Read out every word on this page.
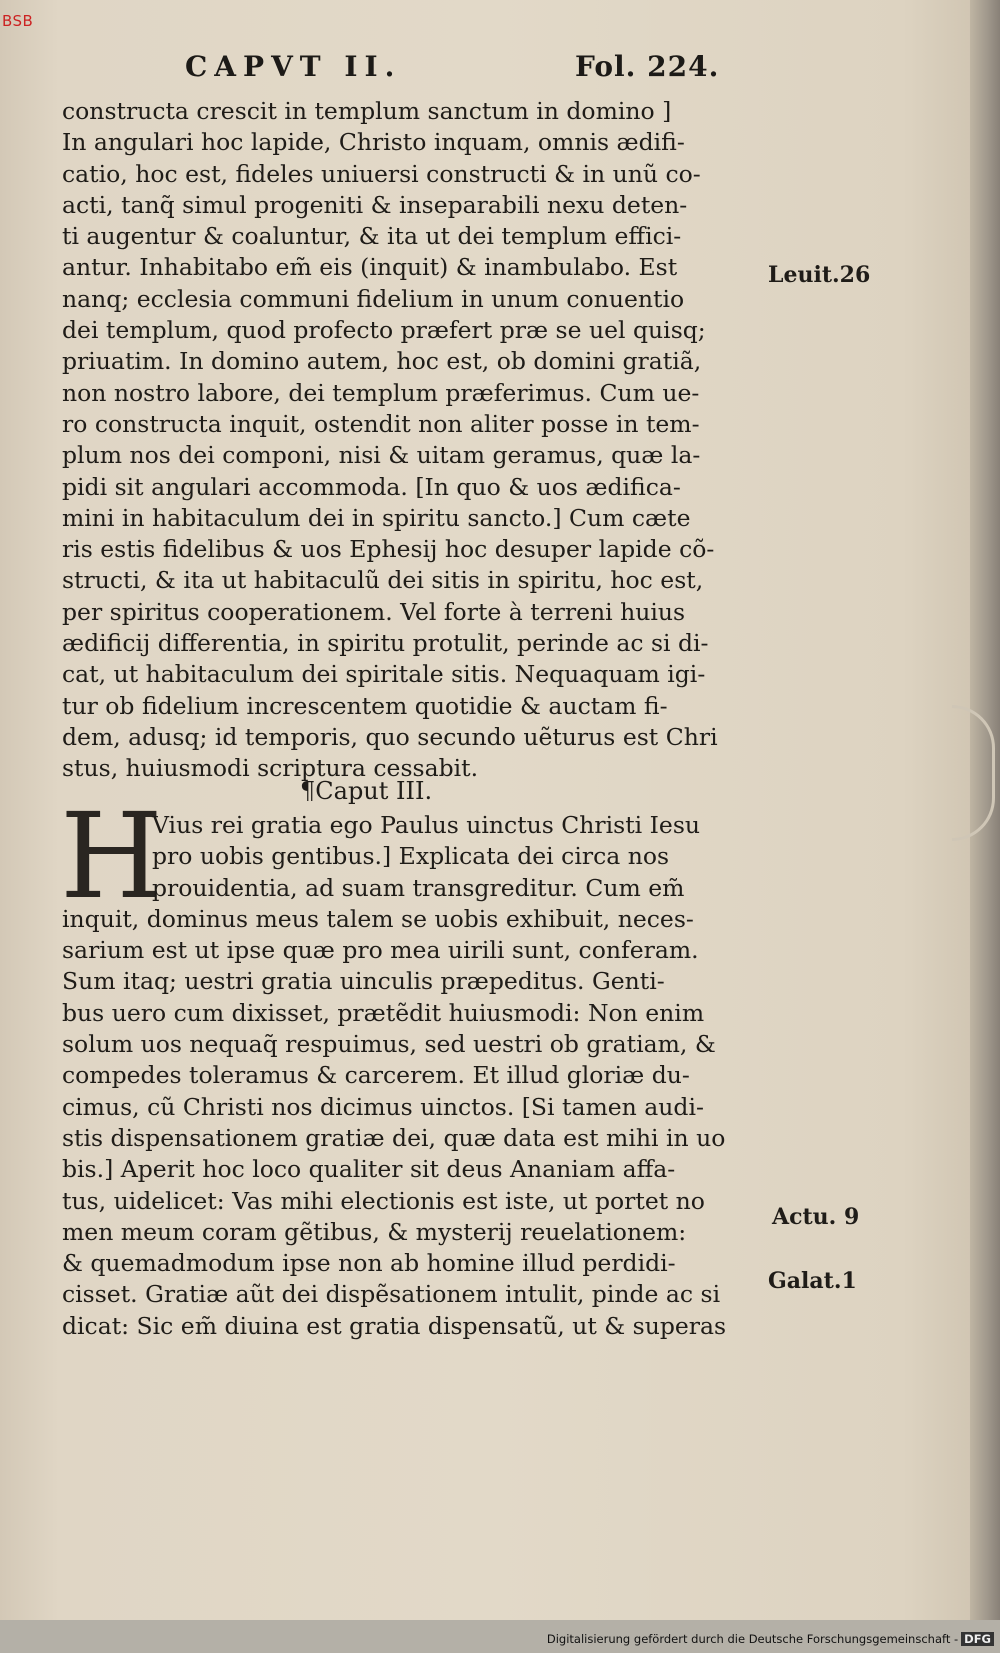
BSB
CAPVT II.	Fol. 224.
constructa crescit in templum sanctum in domino ]
In angulari hoc lapide, Christo inquam, omnis ædifi-
catio, hoc est, fideles uniuersi constructi & in unũ co-
acti, tanq̃ simul progeniti & inseparabili nexu deten-
ti augentur & coaluntur, & ita ut dei templum effici-
antur. Inhabitabo em̃ eis (inquit) & inambulabo. Est
nanq; ecclesia communi fidelium in unum conuentio
dei templum, quod profecto præfert præ se uel quisq;
priuatim. In domino autem, hoc est, ob domini gratiã,
non nostro labore, dei templum præferimus. Cum ue-
ro constructa inquit, ostendit non aliter posse in tem-
plum nos dei componi, nisi & uitam geramus, quæ la-
pidi sit angulari accommoda. [In quo & uos ædifica-
mini in habitaculum dei in spiritu sancto.] Cum cæte
ris estis fidelibus & uos Ephesij hoc desuper lapide cõ-
structi, & ita ut habitaculũ dei sitis in spiritu, hoc est,
per spiritus cooperationem. Vel forte à terreni huius
ædificij differentia, in spiritu protulit, perinde ac si di-
cat, ut habitaculum dei spiritale sitis. Nequaquam igi-
tur ob fidelium increscentem quotidie & auctam fi-
dem, adusq; id temporis, quo secundo uẽturus est Chri
stus, huiusmodi scriptura cessabit.
¶Caput III.
H
Vius rei gratia ego Paulus uinctus Christi Iesu
pro uobis gentibus.] Explicata dei circa nos
prouidentia, ad suam transgreditur. Cum em̃
inquit, dominus meus talem se uobis exhibuit, neces-
sarium est ut ipse quæ pro mea uirili sunt, conferam.
Sum itaq; uestri gratia uinculis præpeditus. Genti-
bus uero cum dixisset, prætẽdit huiusmodi: Non enim
solum uos nequaq̃ respuimus, sed uestri ob gratiam, &
compedes toleramus & carcerem. Et illud gloriæ du-
cimus, cũ Christi nos dicimus uinctos. [Si tamen audi-
stis dispensationem gratiæ dei, quæ data est mihi in uo
bis.] Aperit hoc loco qualiter sit deus Ananiam affa-
tus, uidelicet: Vas mihi electionis est iste, ut portet no
men meum coram gẽtibus, & mysterij reuelationem:
& quemadmodum ipse non ab homine illud perdidi-
cisset. Gratiæ aũt dei dispẽsationem intulit, pinde ac si
dicat: Sic em̃ diuina est gratia dispensatũ, ut & superas
Leuit.26
Actu. 9
Galat.1
Digitalisierung gefördert durch die Deutsche Forschungsgemeinschaft - DFG
